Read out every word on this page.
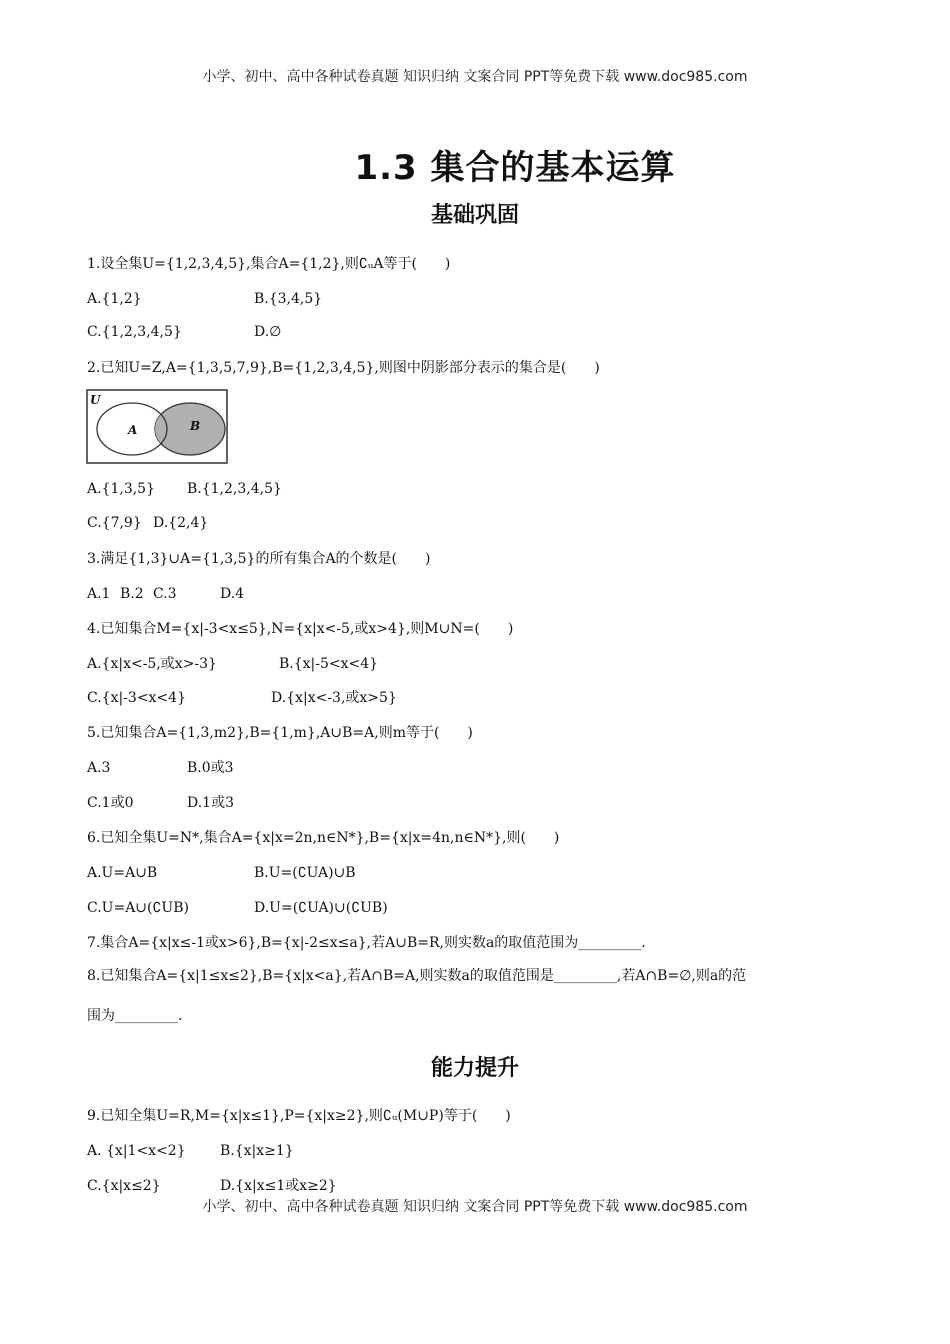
小学、初中、高中各种试卷真题 知识归纳 文案合同 PPT等免费下载 www.doc985.com
1.3 集合的基本运算
基础巩固
1.设全集U={1,2,3,4,5},集合A={1,2},则∁ᵤA等于(　　)
A.{1,2}	B.{3,4,5}
C.{1,2,3,4,5}	D.∅
2.已知U=Z,A={1,3,5,7,9},B={1,2,3,4,5},则图中阴影部分表示的集合是(　　)
U
A	B
A.{1,3,5} B.{1,2,3,4,5}
C.{7,9} D.{2,4}
3.满足{1,3}∪A={1,3,5}的所有集合A的个数是(　　)
A.1 B.2 C.3	D.4
4.已知集合M={x|-3<x≤5},N={x|x<-5,或x>4},则M∪N=(　　)
A.{x|x<-5,或x>-3}	B.{x|-5<x<4}
C.{x|-3<x<4}	D.{x|x<-3,或x>5}
5.已知集合A={1,3,m2},B={1,m},A∪B=A,则m等于(　　)
A.3	B.0或3
C.1或0	D.1或3
6.已知全集U=N*,集合A={x|x=2n,n∈N*},B={x|x=4n,n∈N*},则(　　)
A.U=A∪B	B.U=(∁UA)∪B
C.U=A∪(∁UB)	D.U=(∁UA)∪(∁UB)
7.集合A={x|x≤-1或x>6},B={x|-2≤x≤a},若A∪B=R,则实数a的取值范围为_________.
8.已知集合A={x|1≤x≤2},B={x|x<a},若A∩B=A,则实数a的取值范围是_________,若A∩B=∅,则a的范
围为_________.
能力提升
9.已知全集U=R,M={x|x≤1},P={x|x≥2},则∁ᵤ(M∪P)等于(　　)
A. {x|1<x<2} B.{x|x≥1}
C.{x|x≤2}	D.{x|x≤1或x≥2}
小学、初中、高中各种试卷真题 知识归纳 文案合同 PPT等免费下载 www.doc985.com
